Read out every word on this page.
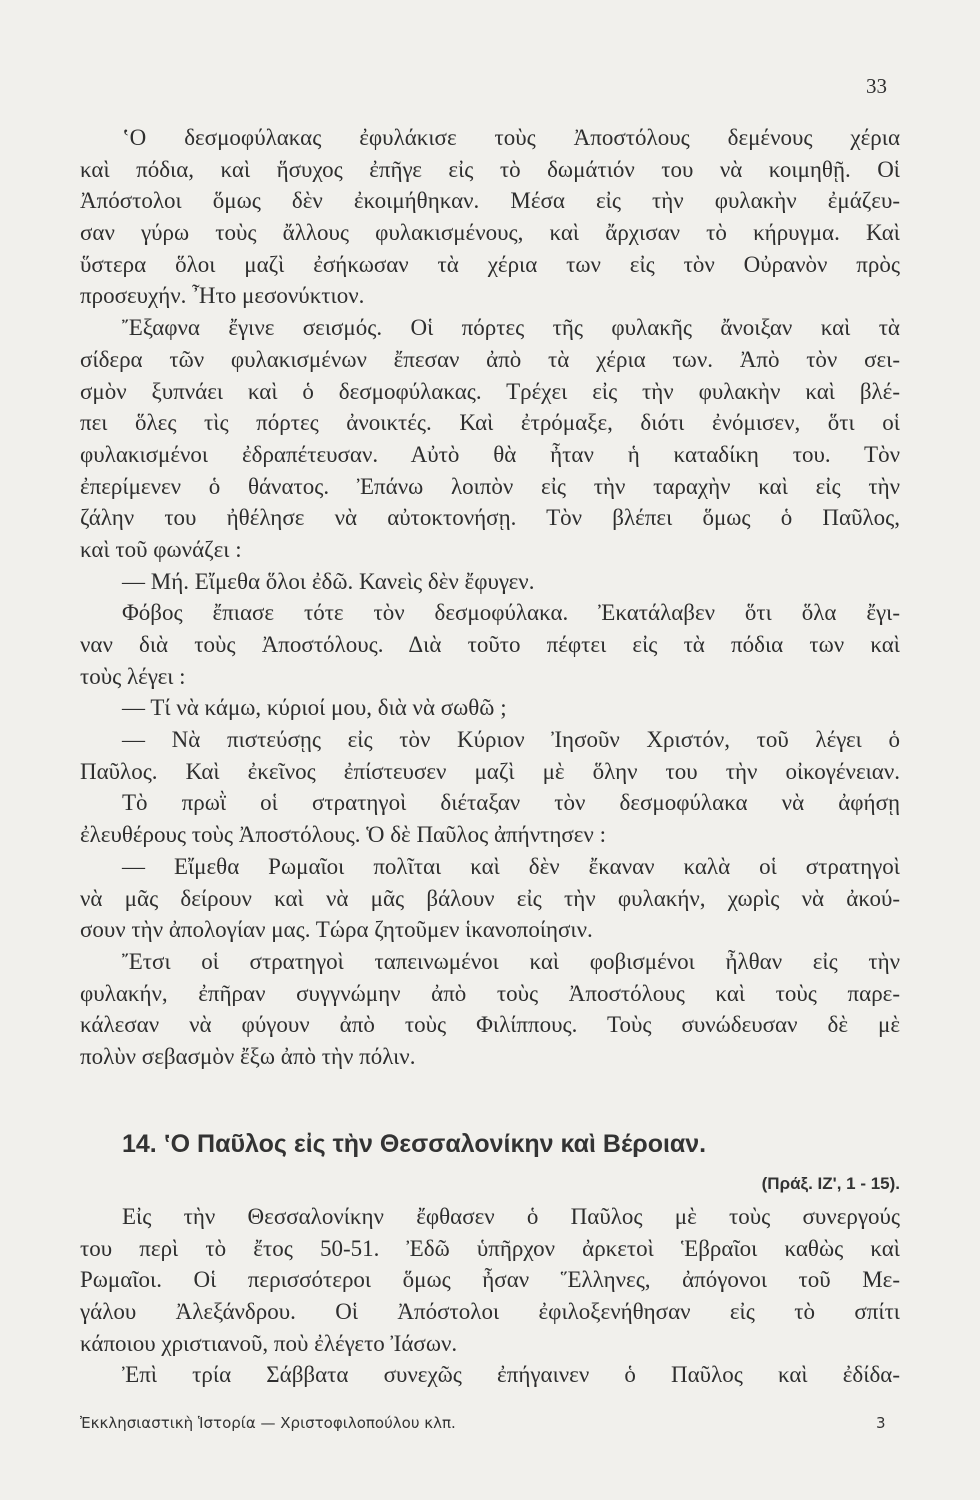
33
ʽΟ δεσμοφύλακας ἐφυλάκισε τοὺς Ἀποστόλους δεμένους χέρια
καὶ πόδια, καὶ ἥσυχος ἐπῆγε εἰς τὸ δωμάτιόν του νὰ κοιμηθῇ. Οἱ
Ἀπόστολοι ὅμως δὲν ἐκοιμήθηκαν. Μέσα εἰς τὴν φυλακὴν ἐμάζευ-
σαν γύρω τοὺς ἄλλους φυλακισμένους, καὶ ἄρχισαν τὸ κήρυγμα. Καὶ
ὕστερα ὅλοι μαζὶ ἐσήκωσαν τὰ χέρια των εἰς τὸν Οὐρανὸν πρὸς
προσευχήν. Ἦτο μεσονύκτιον.
Ἔξαφνα ἔγινε σεισμός. Οἱ πόρτες τῆς φυλακῆς ἄνοιξαν καὶ τὰ
σίδερα τῶν φυλακισμένων ἔπεσαν ἀπὸ τὰ χέρια των. Ἀπὸ τὸν σει-
σμὸν ξυπνάει καὶ ὁ δεσμοφύλακας. Τρέχει εἰς τὴν φυλακὴν καὶ βλέ-
πει ὅλες τὶς πόρτες ἀνοικτές. Καὶ ἐτρόμαξε, διότι ἐνόμισεν, ὅτι οἱ
φυλακισμένοι ἐδραπέτευσαν. Αὐτὸ θὰ ἦταν ἡ καταδίκη του. Τὸν
ἐπερίμενεν ὁ θάνατος. Ἐπάνω λοιπὸν εἰς τὴν ταραχὴν καὶ εἰς τὴν
ζάλην του ἠθέλησε νὰ αὐτοκτονήσῃ. Τὸν βλέπει ὅμως ὁ Παῦλος,
καὶ τοῦ φωνάζει :
— Μή. Εἴμεθα ὅλοι ἐδῶ. Κανεὶς δὲν ἔφυγεν.
Φόβος ἔπιασε τότε τὸν δεσμοφύλακα. Ἐκατάλαβεν ὅτι ὅλα ἔγι-
ναν διὰ τοὺς Ἀποστόλους. Διὰ τοῦτο πέφτει εἰς τὰ πόδια των καὶ
τοὺς λέγει :
— Τί νὰ κάμω, κύριοί μου, διὰ νὰ σωθῶ ;
— Νὰ πιστεύσῃς εἰς τὸν Κύριον Ἰησοῦν Χριστόν, τοῦ λέγει ὁ
Παῦλος. Καὶ ἐκεῖνος ἐπίστευσεν μαζὶ μὲ ὅλην του τὴν οἰκογένειαν.
Τὸ πρωῒ οἱ στρατηγοὶ διέταξαν τὸν δεσμοφύλακα νὰ ἀφήσῃ
ἐλευθέρους τοὺς Ἀποστόλους. Ὁ δὲ Παῦλος ἀπήντησεν :
— Εἴμεθα Ρωμαῖοι πολῖται καὶ δὲν ἔκαναν καλὰ οἱ στρατηγοὶ
νὰ μᾶς δείρουν καὶ νὰ μᾶς βάλουν εἰς τὴν φυλακήν, χωρὶς νὰ ἀκού-
σουν τὴν ἀπολογίαν μας. Τώρα ζητοῦμεν ἱκανοποίησιν.
Ἔτσι οἱ στρατηγοὶ ταπεινωμένοι καὶ φοβισμένοι ἦλθαν εἰς τὴν
φυλακήν, ἐπῆραν συγγνώμην ἀπὸ τοὺς Ἀποστόλους καὶ τοὺς παρε-
κάλεσαν νὰ φύγουν ἀπὸ τοὺς Φιλίππους. Τοὺς συνώδευσαν δὲ μὲ
πολὺν σεβασμὸν ἔξω ἀπὸ τὴν πόλιν.
14. ʽΟ Παῦλος εἰς τὴν Θεσσαλονίκην καὶ Βέροιαν.
(Πράξ. ΙΖ', 1 - 15).
Εἰς τὴν Θεσσαλονίκην ἔφθασεν ὁ Παῦλος μὲ τοὺς συνεργούς
του περὶ τὸ ἔτος 50-51. Ἐδῶ ὑπῆρχον ἀρκετοὶ Ἑβραῖοι καθὼς καὶ
Ρωμαῖοι. Οἱ περισσότεροι ὅμως ἦσαν Ἕλληνες, ἀπόγονοι τοῦ Με-
γάλου Ἀλεξάνδρου. Οἱ Ἀπόστολοι ἐφιλοξενήθησαν εἰς τὸ σπίτι
κάποιου χριστιανοῦ, ποὺ ἐλέγετο Ἰάσων.
Ἐπὶ τρία Σάββατα συνεχῶς ἐπήγαινεν ὁ Παῦλος καὶ ἐδίδα-
Ἐκκλησιαστικὴ Ἱστορία — Χριστοφιλοπούλου κλπ.	3
